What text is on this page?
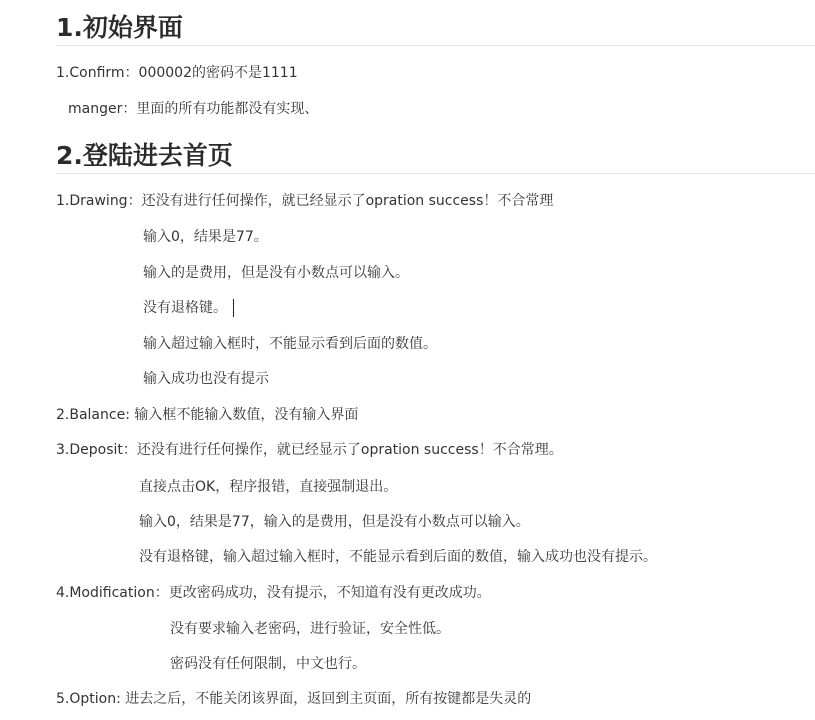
1.初始界面
1.Confirm：000002的密码不是1111
manger：里面的所有功能都没有实现、
2.登陆进去首页
1.Drawing：还没有进行任何操作，就已经显示了opration success！不合常理
输入0，结果是77。
输入的是费用，但是没有小数点可以输入。
没有退格键。
输入超过输入框时，不能显示看到后面的数值。
输入成功也没有提示
2.Balance: 输入框不能输入数值，没有输入界面
3.Deposit：还没有进行任何操作，就已经显示了opration success！不合常理。
直接点击OK，程序报错，直接强制退出。
输入0，结果是77，输入的是费用，但是没有小数点可以输入。
没有退格键，输入超过输入框时，不能显示看到后面的数值，输入成功也没有提示。
4.Modification：更改密码成功，没有提示，不知道有没有更改成功。
没有要求输入老密码，进行验证，安全性低。
密码没有任何限制，中文也行。
5.Option: 进去之后，不能关闭该界面，返回到主页面，所有按键都是失灵的
